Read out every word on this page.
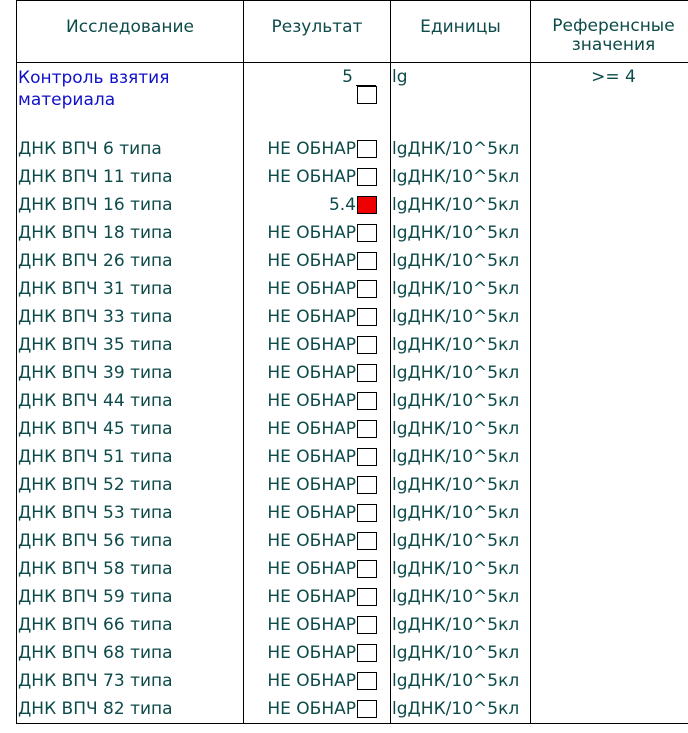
Исследование	Результат	Единицы	Референсные
значения

Контроль взятия
материала	5	lg	>= 4
ДНК ВПЧ 6 типа	НЕ ОБНАР	lgДНК/10^5кл	
ДНК ВПЧ 11 типа	НЕ ОБНАР	lgДНК/10^5кл	
ДНК ВПЧ 16 типа	5.4	lgДНК/10^5кл	
ДНК ВПЧ 18 типа	НЕ ОБНАР	lgДНК/10^5кл	
ДНК ВПЧ 26 типа	НЕ ОБНАР	lgДНК/10^5кл	
ДНК ВПЧ 31 типа	НЕ ОБНАР	lgДНК/10^5кл	
ДНК ВПЧ 33 типа	НЕ ОБНАР	lgДНК/10^5кл	
ДНК ВПЧ 35 типа	НЕ ОБНАР	lgДНК/10^5кл	
ДНК ВПЧ 39 типа	НЕ ОБНАР	lgДНК/10^5кл	
ДНК ВПЧ 44 типа	НЕ ОБНАР	lgДНК/10^5кл	
ДНК ВПЧ 45 типа	НЕ ОБНАР	lgДНК/10^5кл	
ДНК ВПЧ 51 типа	НЕ ОБНАР	lgДНК/10^5кл	
ДНК ВПЧ 52 типа	НЕ ОБНАР	lgДНК/10^5кл	
ДНК ВПЧ 53 типа	НЕ ОБНАР	lgДНК/10^5кл	
ДНК ВПЧ 56 типа	НЕ ОБНАР	lgДНК/10^5кл	
ДНК ВПЧ 58 типа	НЕ ОБНАР	lgДНК/10^5кл	
ДНК ВПЧ 59 типа	НЕ ОБНАР	lgДНК/10^5кл	
ДНК ВПЧ 66 типа	НЕ ОБНАР	lgДНК/10^5кл	
ДНК ВПЧ 68 типа	НЕ ОБНАР	lgДНК/10^5кл	
ДНК ВПЧ 73 типа	НЕ ОБНАР	lgДНК/10^5кл	
ДНК ВПЧ 82 типа	НЕ ОБНАР	lgДНК/10^5кл	
